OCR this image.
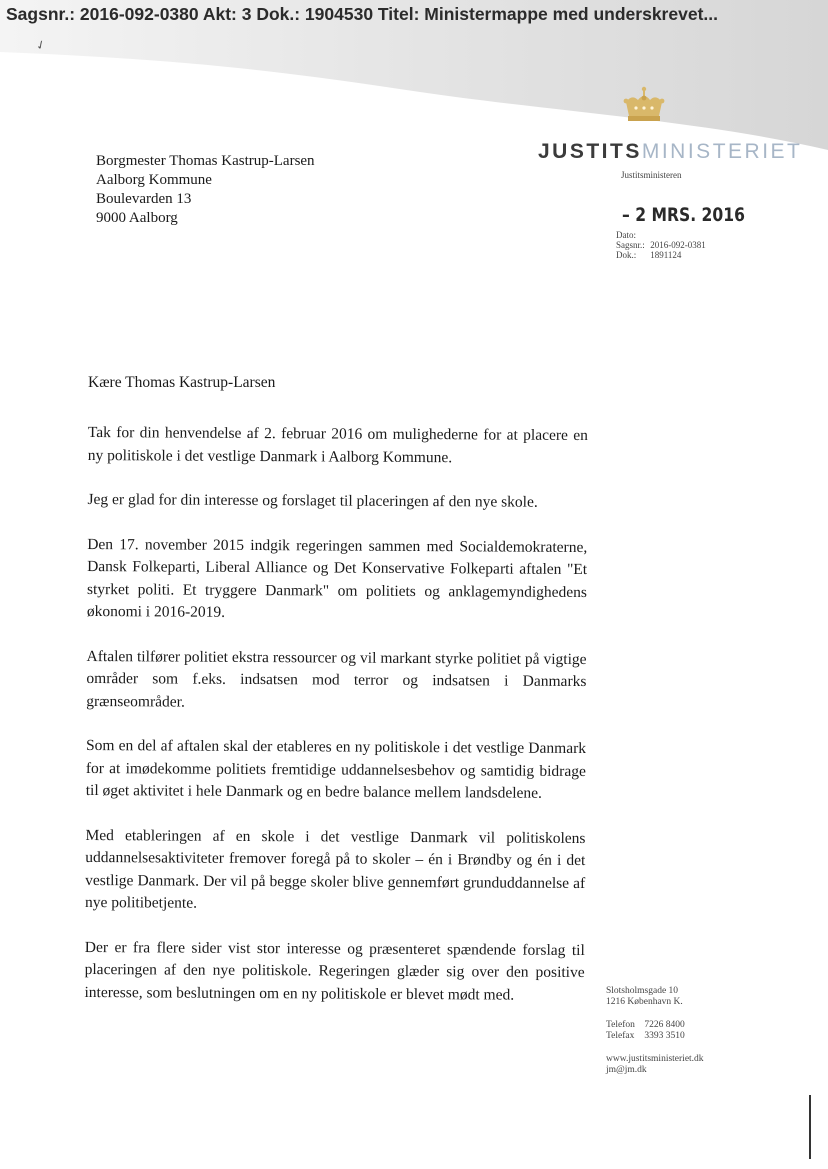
Sagsnr.: 2016-092-0380 Akt: 3 Dok.: 1904530 Titel: Ministermappe med underskrevet...
✓
JUSTITSMINISTERIET
Justitsministeren
Borgmester Thomas Kastrup-Larsen
Aalborg Kommune
Boulevarden 13
9000 Aalborg	– 2 MRS. 2016
Dato:
Sagsnr.: 2016-092-0381
Dok.: 1891124
Kære Thomas Kastrup-Larsen

Tak for din henvendelse af 2. februar 2016 om mulighederne for at placere en ny politiskole i det vestlige Danmark i Aalborg Kommune.

Jeg er glad for din interesse og forslaget til placeringen af den nye skole.

Den 17. november 2015 indgik regeringen sammen med Socialdemokraterne, Dansk Folkeparti, Liberal Alliance og Det Konservative Folkeparti aftalen "Et styrket politi. Et tryggere Danmark" om politiets og anklagemyndighedens økonomi i 2016-2019.

Aftalen tilfører politiet ekstra ressourcer og vil markant styrke politiet på vigtige områder som f.eks. indsatsen mod terror og indsatsen i Danmarks grænseområder.

Som en del af aftalen skal der etableres en ny politiskole i det vestlige Danmark for at imødekomme politiets fremtidige uddannelsesbehov og samtidig bidrage til øget aktivitet i hele Danmark og en bedre balance mellem landsdelene.

Med etableringen af en skole i det vestlige Danmark vil politiskolens uddannelsesaktiviteter fremover foregå på to skoler – én i Brøndby og én i det vestlige Danmark. Der vil på begge skoler blive gennemført grunduddannelse af nye politibetjente.

Der er fra flere sider vist stor interesse og præsenteret spændende forslag til placeringen af den nye politiskole. Regeringen glæder sig over den positive interesse, som beslutningen om en ny politiskole er blevet mødt med.	Slotsholmsgade 10
1216 København K.
Telefon 7226 8400
Telefax 3393 3510
www.justitsministeriet.dk
jm@jm.dk
